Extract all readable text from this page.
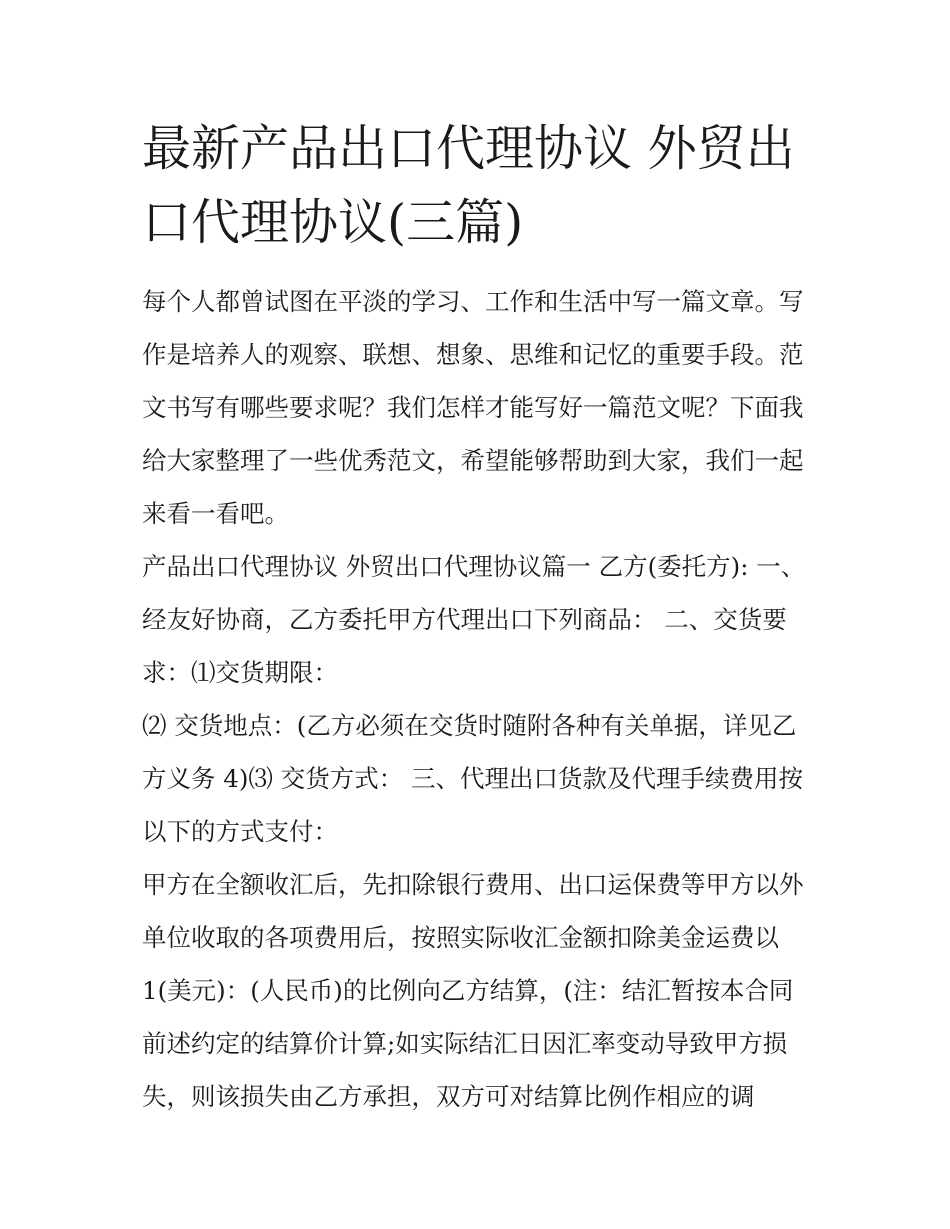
最新产品出口代理协议 外贸出
口代理协议(三篇)
每个人都曾试图在平淡的学习、工作和生活中写一篇文章。写
作是培养人的观察、联想、想象、思维和记忆的重要手段。范
文书写有哪些要求呢？我们怎样才能写好一篇范文呢？下面我
给大家整理了一些优秀范文，希望能够帮助到大家，我们一起
来看一看吧。
产品出口代理协议 外贸出口代理协议篇一 乙方(委托方): 一、
经友好协商，乙方委托甲方代理出口下列商品： 二、交货要
求：⑴交货期限：
⑵ 交货地点：(乙方必须在交货时随附各种有关单据，详见乙
方义务 4)⑶ 交货方式： 三、代理出口货款及代理手续费用按
以下的方式支付：
甲方在全额收汇后，先扣除银行费用、出口运保费等甲方以外
单位收取的各项费用后，按照实际收汇金额扣除美金运费以
1(美元)：(人民币)的比例向乙方结算，(注：结汇暂按本合同
前述约定的结算价计算;如实际结汇日因汇率变动导致甲方损
失，则该损失由乙方承担，双方可对结算比例作相应的调
